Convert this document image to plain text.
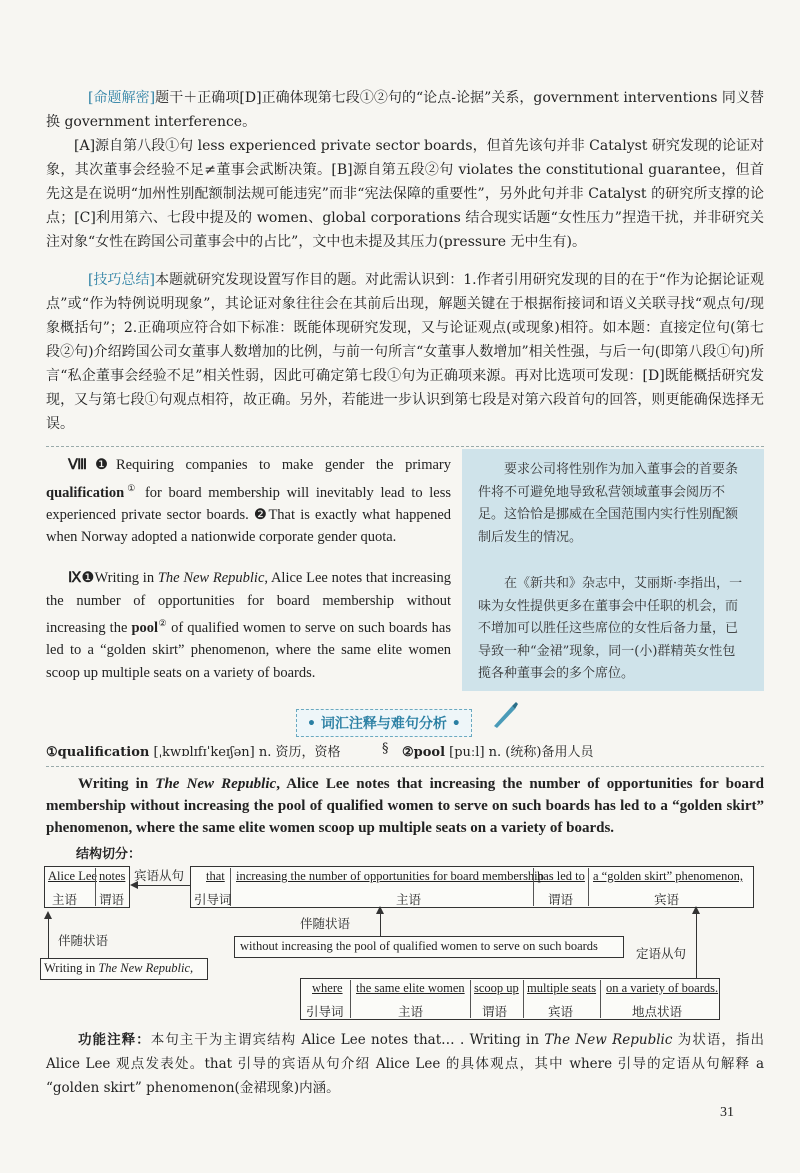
[命题解密]题干＋正确项[D]正确体现第七段①②句的“论点-论据”关系，government interventions 同义替换 government interference。
[A]源自第八段①句 less experienced private sector boards，但首先该句并非 Catalyst 研究发现的论证对象，其次董事会经验不足≠董事会武断决策。[B]源自第五段②句 violates the constitutional guarantee，但首先这是在说明“加州性别配额制法规可能违宪”而非“宪法保障的重要性”，另外此句并非 Catalyst 的研究所支撑的论点；[C]利用第六、七段中提及的 women、global corporations 结合现实话题“女性压力”捏造干扰，并非研究关注对象“女性在跨国公司董事会中的占比”，文中也未提及其压力(pressure 无中生有)。
[技巧总结]本题就研究发现设置写作目的题。对此需认识到：1.作者引用研究发现的目的在于“作为论据论证观点”或“作为特例说明现象”，其论证对象往往会在其前后出现，解题关键在于根据衔接词和语义关联寻找“观点句/现象概括句”；2.正确项应符合如下标准：既能体现研究发现，又与论证观点(或现象)相符。如本题：直接定位句(第七段②句)介绍跨国公司女董事人数增加的比例，与前一句所言“女董事人数增加”相关性强，与后一句(即第八段①句)所言“私企董事会经验不足”相关性弱，因此可确定第七段①句为正确项来源。再对比选项可发现：[D]既能概括研究发现，又与第七段①句观点相符，故正确。另外，若能进一步认识到第七段是对第六段首句的回答，则更能确保选择无误。
Ⅷ❶Requiring companies to make gender the primary qualification① for board membership will inevitably lead to less experienced private sector boards. ❷That is exactly what happened when Norway adopted a nationwide corporate gender quota.
Ⅸ❶Writing in The New Republic, Alice Lee notes that increasing the number of opportunities for board membership without increasing the pool② of qualified women to serve on such boards has led to a “golden skirt” phenomenon, where the same elite women scoop up multiple seats on a variety of boards.

要求公司将性别作为加入董事会的首要条件将不可避免地导致私营领域董事会阅历不足。这恰恰是挪威在全国范围内实行性别配额制后发生的情况。

在《新共和》杂志中，艾丽斯·李指出，一味为女性提供更多在董事会中任职的机会，而不增加可以胜任这些席位的女性后备力量，已导致一种“金裙”现象，同一(小)群精英女性包揽各种董事会的多个席位。

• 词汇注释与难句分析 •
①qualification [ˌkwɒlɪfɪˈkeɪʃən] n. 资历，资格	§ ②pool [puːl] n. (统称)备用人员
Writing in The New Republic, Alice Lee notes that increasing the number of opportunities for board membership without increasing the pool of qualified women to serve on such boards has led to a “golden skirt” phenomenon, where the same elite women scoop up multiple seats on a variety of boards.
结构切分：
Alice Lee notes
主语 谓语
宾语从句 that increasing the number of opportunities for board membership
has led to a “golden skirt” phenomenon,
引导词	主语	谓语	宾语
伴随状语
without increasing the pool of qualified women to serve on such boards	定语从句
伴随状语
Writing in The New Republic,
where the same elite women scoop up multiple seats on a variety of boards.
引导词	主语	谓语	宾语	地点状语
功能注释：本句主干为主谓宾结构 Alice Lee notes that… . Writing in The New Republic 为状语，指出 Alice Lee 观点发表处。that 引导的宾语从句介绍 Alice Lee 的具体观点，其中 where 引导的定语从句解释 a “golden skirt” phenomenon(金裙现象)内涵。
31
